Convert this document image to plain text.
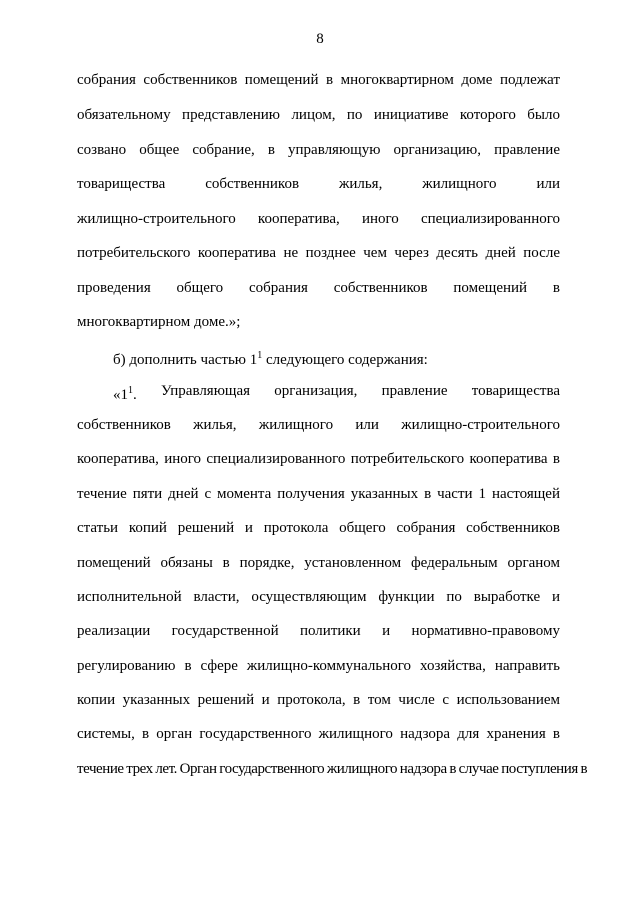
8
собрания собственников помещений в многоквартирном доме подлежат
обязательному представлению лицом, по инициативе которого было
созвано общее собрание, в управляющую организацию, правление
товарищества собственников жилья, жилищного или
жилищно-строительного кооператива, иного специализированного
потребительского кооператива не позднее чем через десять дней после
проведения общего собрания собственников помещений в
многоквартирном доме.»;
б) дополнить частью $1^1$ следующего содержания:
«$1^1$. Управляющая организация, правление товарищества
собственников жилья, жилищного или жилищно-строительного
кооператива, иного специализированного потребительского кооператива в
течение пяти дней с момента получения указанных в части 1 настоящей
статьи копий решений и протокола общего собрания собственников
помещений обязаны в порядке, установленном федеральным органом
исполнительной власти, осуществляющим функции по выработке и
реализации государственной политики и нормативно-правовому
регулированию в сфере жилищно-коммунального хозяйства, направить
копии указанных решений и протокола, в том числе с использованием
системы, в орган государственного жилищного надзора для хранения в
течение трех лет. Орган государственного жилищного надзора в случае поступления в
